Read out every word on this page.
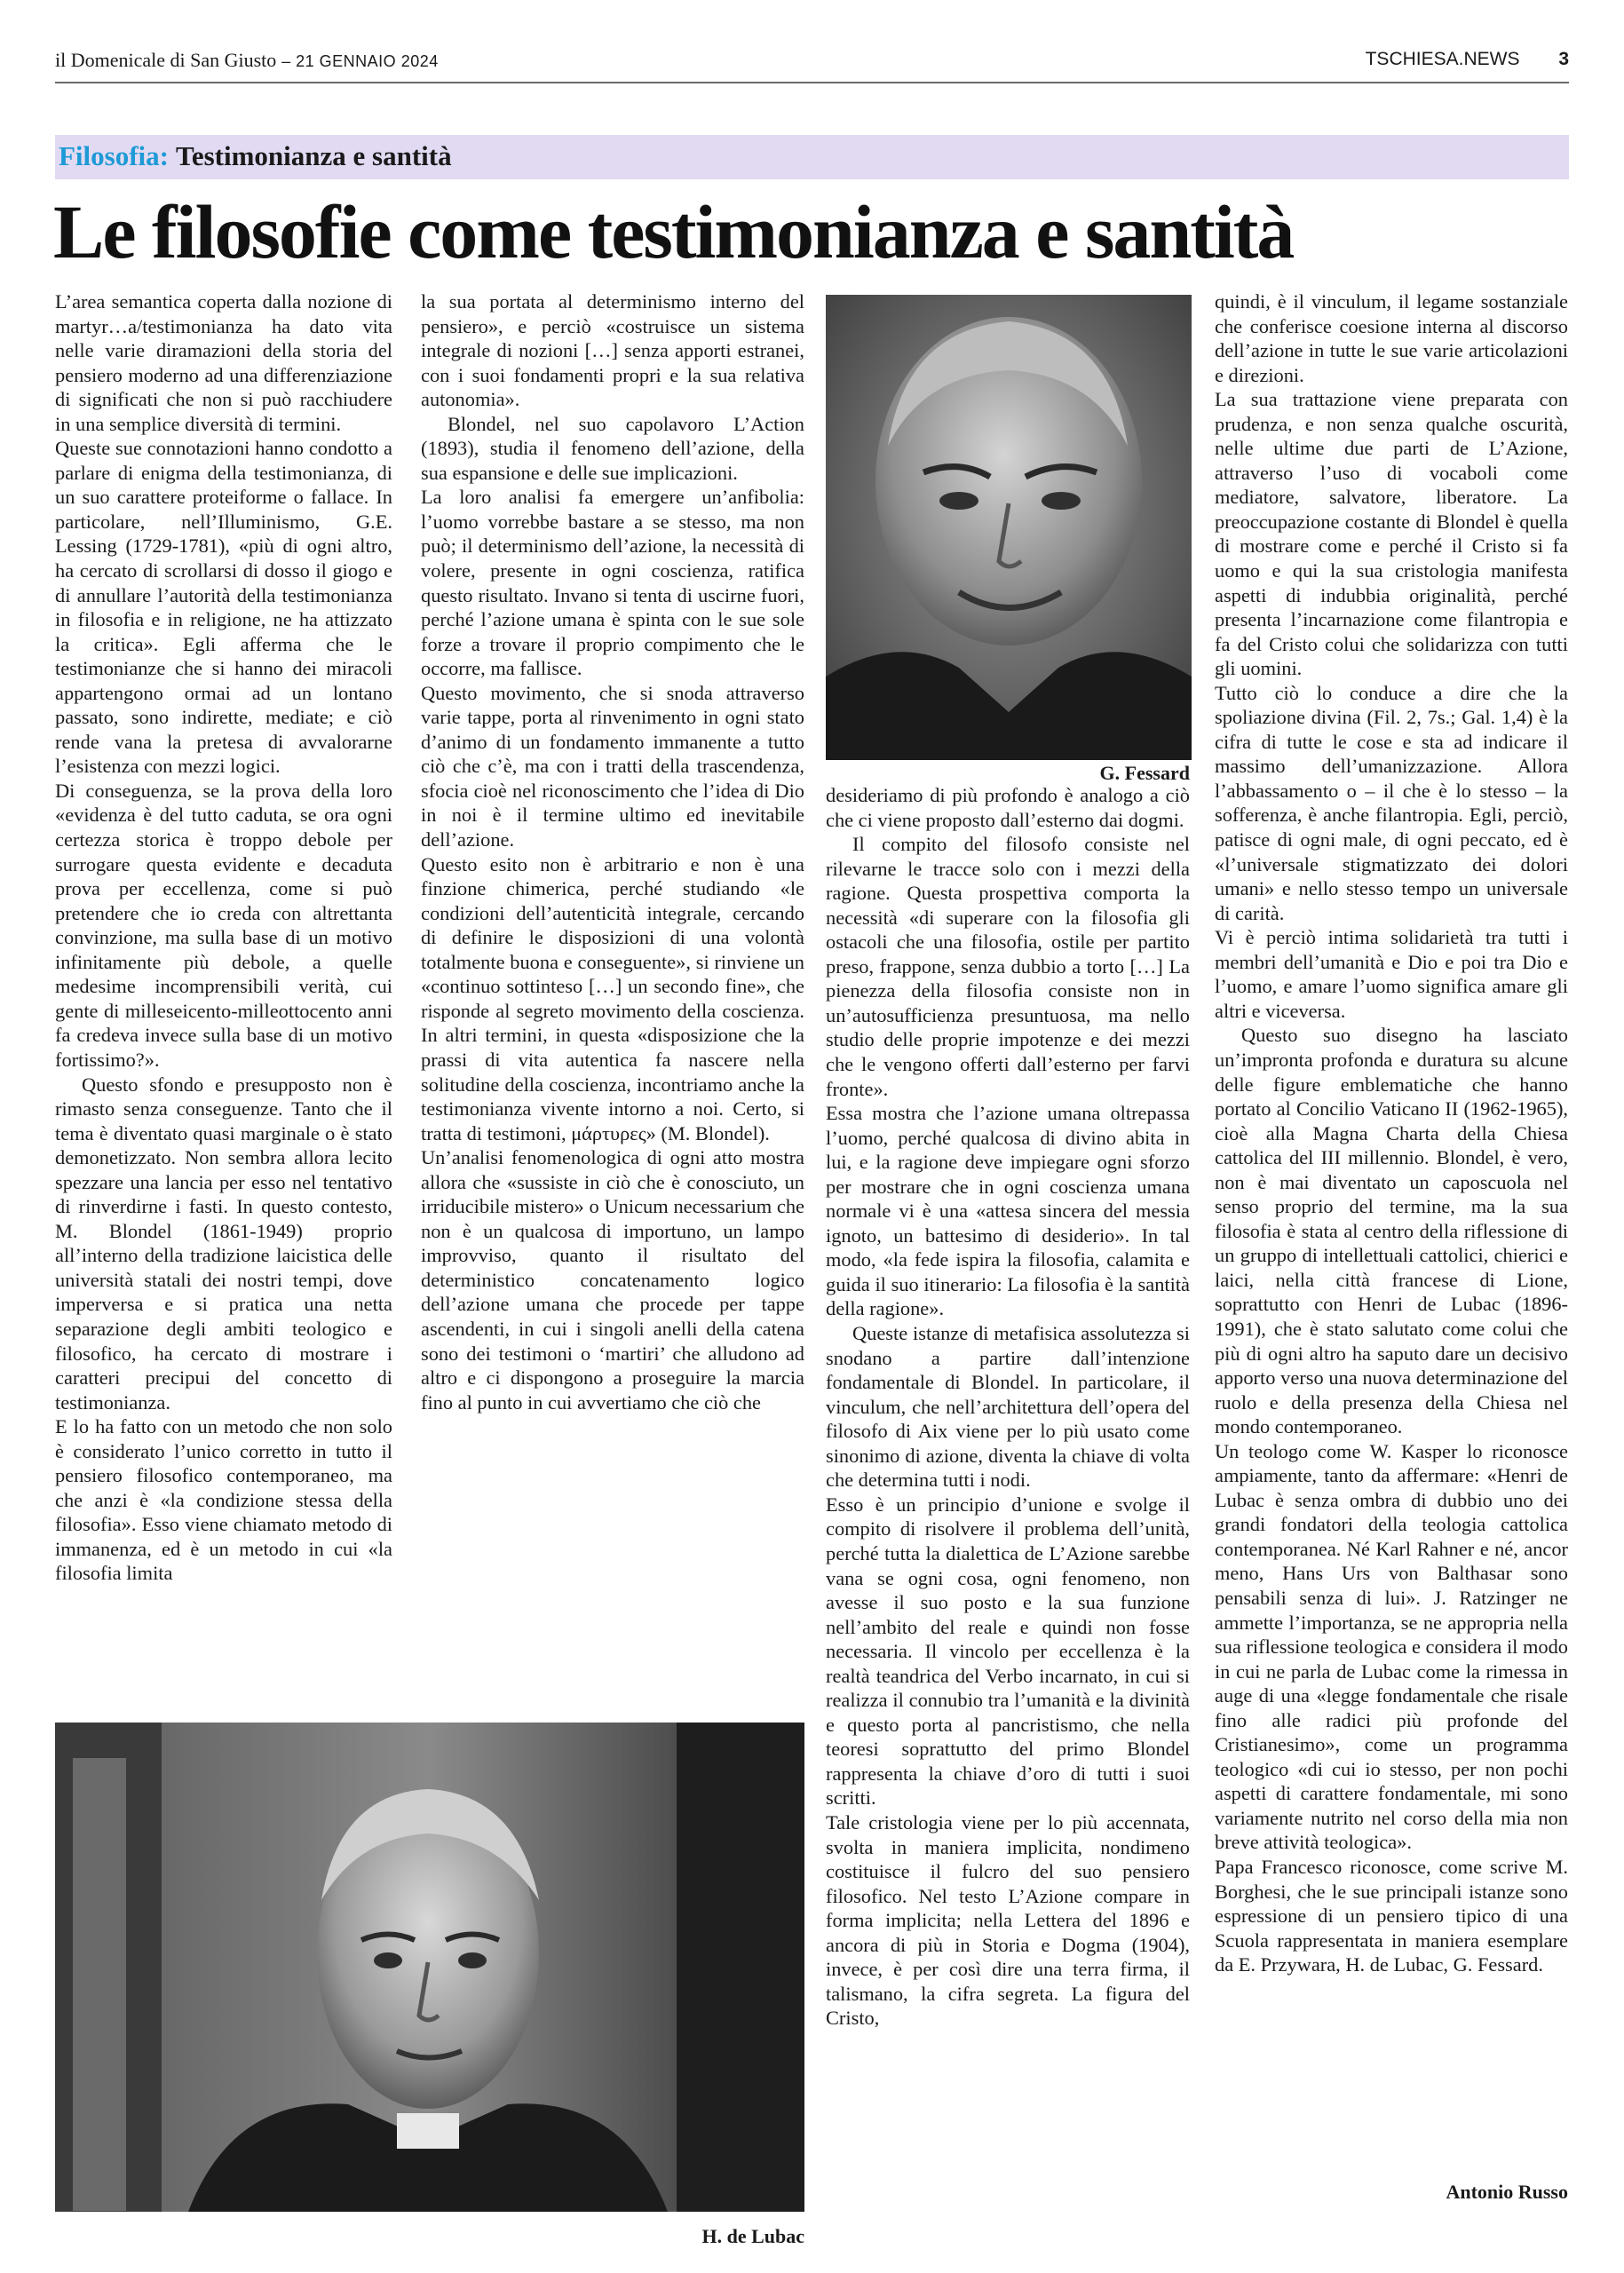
il Domenicale di San Giusto – 21 GENNAIO 2024	TSCHIESA.NEWS 3
Filosofia: Testimonianza e santità
Le filosofie come testimonianza e santità

L’area semantica coperta dalla nozione di martyr…a/testimonianza ha dato vita nelle varie diramazioni della storia del pensiero moderno ad una differenziazione di significati che non si può racchiudere in una semplice diversità di termini.

Queste sue connotazioni hanno condotto a parlare di enigma della testimonianza, di un suo carattere proteiforme o fallace. In particolare, nell’Illuminismo, G.E. Lessing (1729-1781), «più di ogni altro, ha cercato di scrollarsi di dosso il giogo e di annullare l’autorità della testimonianza in filosofia e in religione, ne ha attizzato la critica». Egli afferma che le testimonianze che si hanno dei miracoli appartengono ormai ad un lontano passato, sono indirette, mediate; e ciò rende vana la pretesa di avvalorarne l’esistenza con mezzi logici.

Di conseguenza, se la prova della loro «evidenza è del tutto caduta, se ora ogni certezza storica è troppo debole per surrogare questa evidente e decaduta prova per eccellenza, come si può pretendere che io creda con altrettanta convinzione, ma sulla base di un motivo infinitamente più debole, a quelle medesime incomprensibili verità, cui gente di milleseicento-milleottocento anni fa credeva invece sulla base di un motivo fortissimo?».

Questo sfondo e presupposto non è rimasto senza conseguenze. Tanto che il tema è diventato quasi marginale o è stato demonetizzato. Non sembra allora lecito spezzare una lancia per esso nel tentativo di rinverdirne i fasti. In questo contesto, M. Blondel (1861-1949) proprio all’interno della tradizione laicistica delle università statali dei nostri tempi, dove imperversa e si pratica una netta separazione degli ambiti teologico e filosofico, ha cercato di mostrare i caratteri precipui del concetto di testimonianza.

E lo ha fatto con un metodo che non solo è considerato l’unico corretto in tutto il pensiero filosofico contemporaneo, ma che anzi è «la condizione stessa della filosofia». Esso viene chiamato metodo di immanenza, ed è un metodo in cui «la filosofia limita

la sua portata al determinismo interno del pensiero», e perciò «costruisce un sistema integrale di nozioni […] senza apporti estranei, con i suoi fondamenti propri e la sua relativa autonomia».

Blondel, nel suo capolavoro L’Action (1893), studia il fenomeno dell’azione, della sua espansione e delle sue implicazioni.

La loro analisi fa emergere un’anfibolia: l’uomo vorrebbe bastare a se stesso, ma non può; il determinismo dell’azione, la necessità di volere, presente in ogni coscienza, ratifica questo risultato. Invano si tenta di uscirne fuori, perché l’azione umana è spinta con le sue sole forze a trovare il proprio compimento che le occorre, ma fallisce.

Questo movimento, che si snoda attraverso varie tappe, porta al rinvenimento in ogni stato d’animo di un fondamento immanente a tutto ciò che c’è, ma con i tratti della trascendenza, sfocia cioè nel riconoscimento che l’idea di Dio in noi è il termine ultimo ed inevitabile dell’azione.

Questo esito non è arbitrario e non è una finzione chimerica, perché studiando «le condizioni dell’autenticità integrale, cercando di definire le disposizioni di una volontà totalmente buona e conseguente», si rinviene un «continuo sottinteso […] un secondo fine», che risponde al segreto movimento della coscienza. In altri termini, in questa «disposizione che la prassi di vita autentica fa nascere nella solitudine della coscienza, incontriamo anche la testimonianza vivente intorno a noi. Certo, si tratta di testimoni, μάρτυρες» (M. Blondel).

Un’analisi fenomenologica di ogni atto mostra allora che «sussiste in ciò che è conosciuto, un irriducibile mistero» o Unicum necessarium che non è un qualcosa di importuno, un lampo improvviso, quanto il risultato del deterministico concatenamento logico dell’azione umana che procede per tappe ascendenti, in cui i singoli anelli della catena sono dei testimoni o ‘martiri’ che alludono ad altro e ci dispongono a proseguire la marcia fino al punto in cui avvertiamo che ciò che

G. Fessard

desideriamo di più profondo è analogo a ciò che ci viene proposto dall’esterno dai dogmi.

Il compito del filosofo consiste nel rilevarne le tracce solo con i mezzi della ragione. Questa prospettiva comporta la necessità «di superare con la filosofia gli ostacoli che una filosofia, ostile per partito preso, frappone, senza dubbio a torto […] La pienezza della filosofia consiste non in un’autosufficienza presuntuosa, ma nello studio delle proprie impotenze e dei mezzi che le vengono offerti dall’esterno per farvi fronte».

Essa mostra che l’azione umana oltrepassa l’uomo, perché qualcosa di divino abita in lui, e la ragione deve impiegare ogni sforzo per mostrare che in ogni coscienza umana normale vi è una «attesa sincera del messia ignoto, un battesimo di desiderio». In tal modo, «la fede ispira la filosofia, calamita e guida il suo itinerario: La filosofia è la santità della ragione».

Queste istanze di metafisica assolutezza si snodano a partire dall’intenzione fondamentale di Blondel. In particolare, il vinculum, che nell’architettura dell’opera del filosofo di Aix viene per lo più usato come sinonimo di azione, diventa la chiave di volta che determina tutti i nodi.

Esso è un principio d’unione e svolge il compito di risolvere il problema dell’unità, perché tutta la dialettica de L’Azione sarebbe vana se ogni cosa, ogni fenomeno, non avesse il suo posto e la sua funzione nell’ambito del reale e quindi non fosse necessaria. Il vincolo per eccellenza è la realtà teandrica del Verbo incarnato, in cui si realizza il connubio tra l’umanità e la divinità e questo porta al pancristismo, che nella teoresi soprattutto del primo Blondel rappresenta la chiave d’oro di tutti i suoi scritti.

Tale cristologia viene per lo più accennata, svolta in maniera implicita, nondimeno costituisce il fulcro del suo pensiero filosofico. Nel testo L’Azione compare in forma implicita; nella Lettera del 1896 e ancora di più in Storia e Dogma (1904), invece, è per così dire una terra firma, il talismano, la cifra segreta. La figura del Cristo,

quindi, è il vinculum, il legame sostanziale che conferisce coesione interna al discorso dell’azione in tutte le sue varie articolazioni e direzioni.

La sua trattazione viene preparata con prudenza, e non senza qualche oscurità, nelle ultime due parti de L’Azione, attraverso l’uso di vocaboli come mediatore, salvatore, liberatore. La preoccupazione costante di Blondel è quella di mostrare come e perché il Cristo si fa uomo e qui la sua cristologia manifesta aspetti di indubbia originalità, perché presenta l’incarnazione come filantropia e fa del Cristo colui che solidarizza con tutti gli uomini.

Tutto ciò lo conduce a dire che la spoliazione divina (Fil. 2, 7s.; Gal. 1,4) è la cifra di tutte le cose e sta ad indicare il massimo dell’umanizzazione. Allora l’abbassamento o – il che è lo stesso – la sofferenza, è anche filantropia. Egli, perciò, patisce di ogni male, di ogni peccato, ed è «l’universale stigmatizzato dei dolori umani» e nello stesso tempo un universale di carità.

Vi è perciò intima solidarietà tra tutti i membri dell’umanità e Dio e poi tra Dio e l’uomo, e amare l’uomo significa amare gli altri e viceversa.

Questo suo disegno ha lasciato un’impronta profonda e duratura su alcune delle figure emblematiche che hanno portato al Concilio Vaticano II (1962-1965), cioè alla Magna Charta della Chiesa cattolica del III millennio. Blondel, è vero, non è mai diventato un caposcuola nel senso proprio del termine, ma la sua filosofia è stata al centro della riflessione di un gruppo di intellettuali cattolici, chierici e laici, nella città francese di Lione, soprattutto con Henri de Lubac (1896-1991), che è stato salutato come colui che più di ogni altro ha saputo dare un decisivo apporto verso una nuova determinazione del ruolo e della presenza della Chiesa nel mondo contemporaneo.

Un teologo come W. Kasper lo riconosce ampiamente, tanto da affermare: «Henri de Lubac è senza ombra di dubbio uno dei grandi fondatori della teologia cattolica contemporanea. Né Karl Rahner e né, ancor meno, Hans Urs von Balthasar sono pensabili senza di lui». J. Ratzinger ne ammette l’importanza, se ne appropria nella sua riflessione teologica e considera il modo in cui ne parla de Lubac come la rimessa in auge di una «legge fondamentale che risale fino alle radici più profonde del Cristianesimo», come un programma teologico «di cui io stesso, per non pochi aspetti di carattere fondamentale, mi sono variamente nutrito nel corso della mia non breve attività teologica».

Papa Francesco riconosce, come scrive M. Borghesi, che le sue principali istanze sono espressione di un pensiero tipico di una Scuola rappresentata in maniera esemplare da E. Przywara, H. de Lubac, G. Fessard.

H. de Lubac
Antonio Russo
